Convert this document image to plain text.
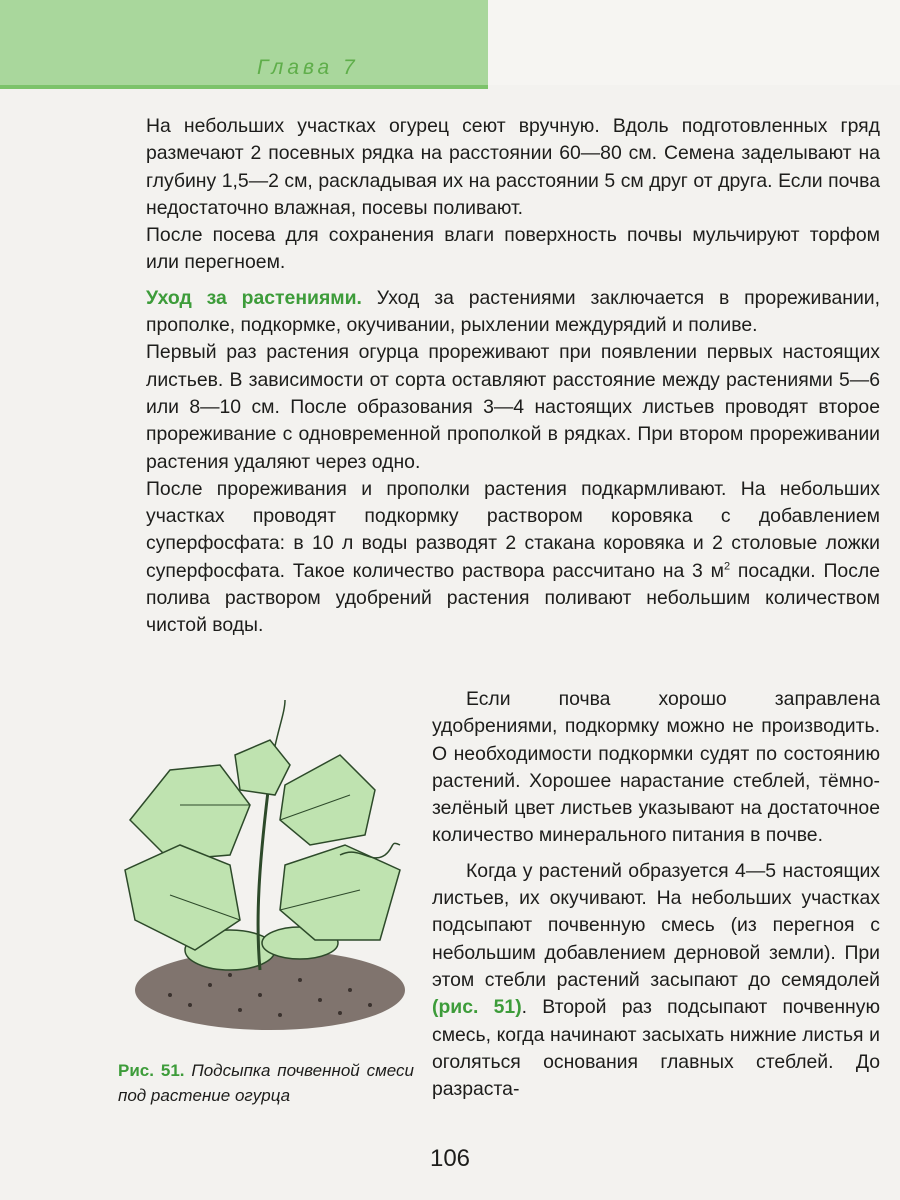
Глава 7

На небольших участках огурец сеют вручную. Вдоль подготовленных гряд размечают 2 посевных рядка на расстоянии 60—80 см. Семена заделывают на глубину 1,5—2 см, раскладывая их на расстоянии 5 см друг от друга. Если почва недостаточно влажная, посевы поливают.

После посева для сохранения влаги поверхность почвы мульчируют торфом или перегноем.

Уход за растениями. Уход за растениями заключается в прореживании, прополке, подкормке, окучивании, рыхлении междурядий и поливе.

Первый раз растения огурца прореживают при появлении первых настоящих листьев. В зависимости от сорта оставляют расстояние между растениями 5—6 или 8—10 см. После образования 3—4 настоящих листьев проводят второе прореживание с одновременной прополкой в рядках. При втором прореживании растения удаляют через одно.

После прореживания и прополки растения подкармливают. На небольших участках проводят подкормку раствором коровяка с добавлением суперфосфата: в 10 л воды разводят 2 стакана коровяка и 2 столовые ложки суперфосфата. Такое количество раствора рассчитано на 3 $м^2$ посадки. После полива раствором удобрений растения поливают небольшим количеством чистой воды.

Рис. 51. Подсыпка почвенной смеси под растение огурца

Если почва хорошо заправлена удобрениями, подкормку можно не производить. О необходимости подкормки судят по состоянию растений. Хорошее нарастание стеблей, тёмно-зелёный цвет листьев указывают на достаточное количество минерального питания в почве.

Когда у растений образуется 4—5 настоящих листьев, их окучивают. На небольших участках подсыпают почвенную смесь (из перегноя с небольшим добавлением дерновой земли). При этом стебли растений засыпают до семядолей (рис. 51). Второй раз подсыпают почвенную смесь, когда начинают засыхать нижние листья и оголяться основания главных стеблей. До разраста-

106
